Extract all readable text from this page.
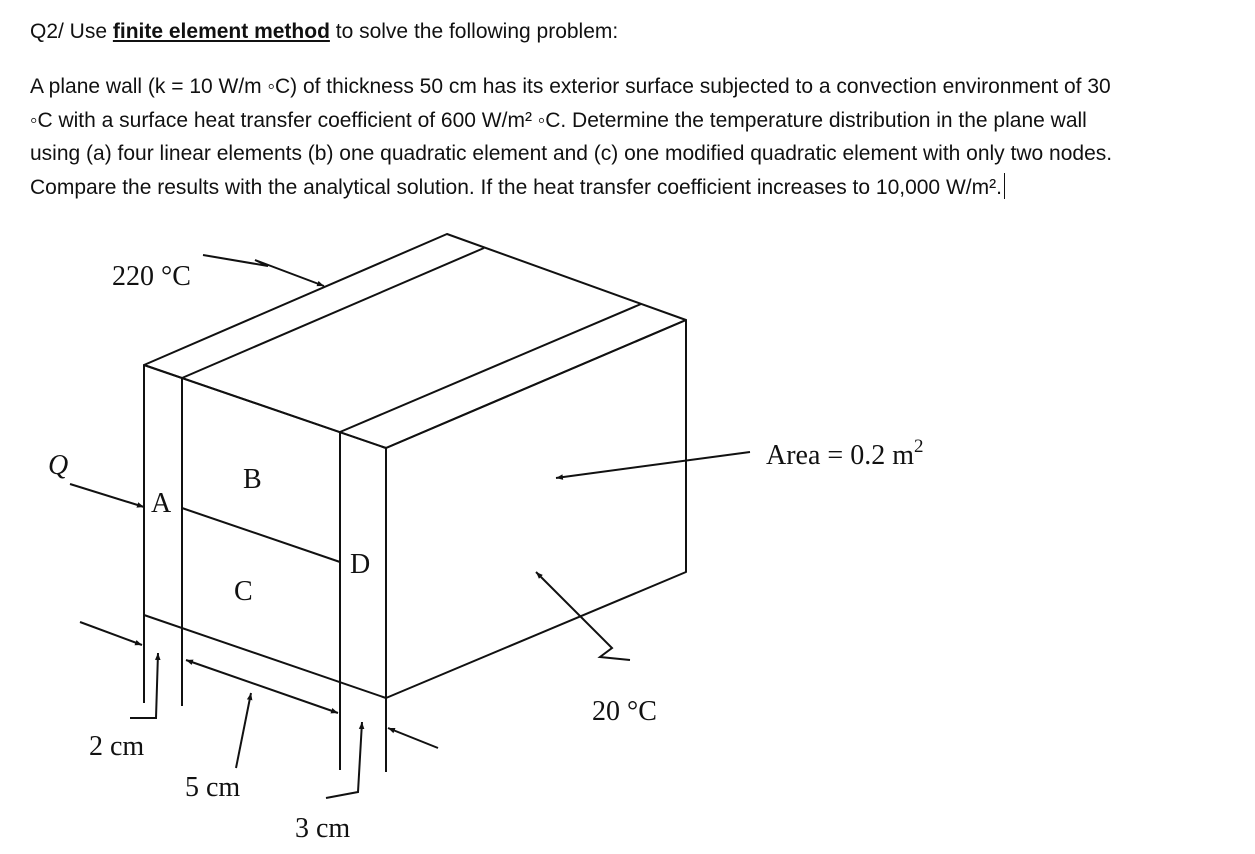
Q2/ Use finite element method to solve the following problem:
A plane wall (k = 10 W/m ◦C) of thickness 50 cm has its exterior surface subjected to a convection environment of 30
◦C with a surface heat transfer coefficient of 600 W/m² ◦C. Determine the temperature distribution in the plane wall
using (a) four linear elements (b) one quadratic element and (c) one modified quadratic element with only two nodes.
Compare the results with the analytical solution. If the heat transfer coefficient increases to 10,000 W/m².
220 °C
Q
A
B
C
D
Area = 0.2 $m^2$
20 °C
2 cm
5 cm
3 cm
